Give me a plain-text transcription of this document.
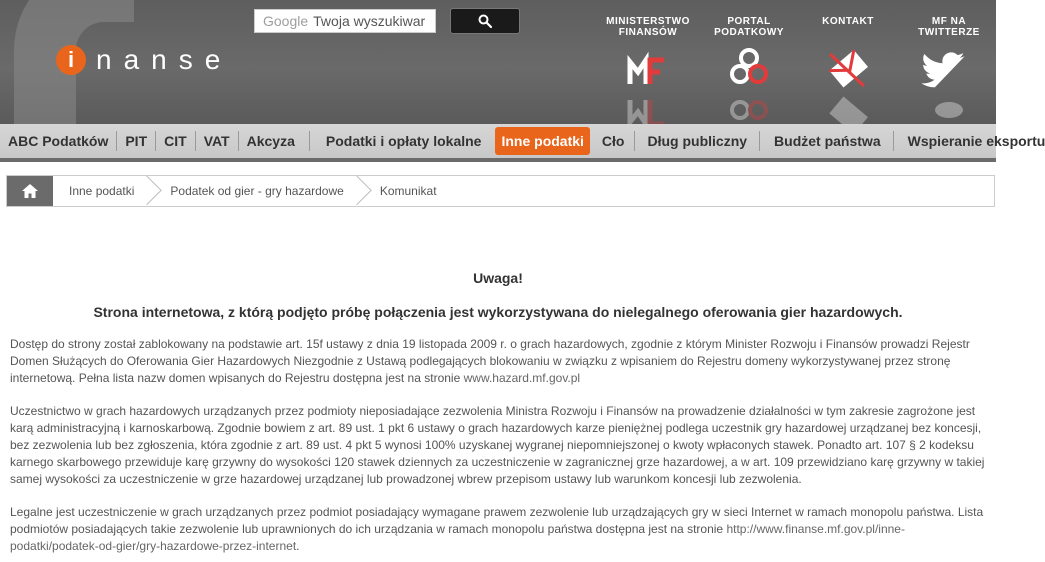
i nanse
Google
Twoja wyszukiwar	MINISTERSTWO
FINANSÓW
PORTAL
PODATKOWY
KONTAKT	MF NA
TWITTERZE
ABC Podatków	PIT	CIT	VAT	Akcyza	Podatki i opłaty lokalne	Inne podatki	Cło	Dług publiczny	Budżet państwa	Wspieranie eksportu
Inne podatki	Podatek od gier - gry hazardowe	Komunikat
Uwaga!
Strona internetowa, z którą podjęto próbę połączenia jest wykorzystywana do nielegalnego oferowania gier hazardowych.

Dostęp do strony został zablokowany na podstawie art. 15f ustawy z dnia 19 listopada 2009 r. o grach hazardowych, zgodnie z którym Minister Rozwoju i Finansów prowadzi Rejestr Domen Służących do Oferowania Gier Hazardowych Niezgodnie z Ustawą podlegających blokowaniu w związku z wpisaniem do Rejestru domeny wykorzystywanej przez stronę internetową. Pełna lista nazw domen wpisanych do Rejestru dostępna jest na stronie www.hazard.mf.gov.pl

Uczestnictwo w grach hazardowych urządzanych przez podmioty nieposiadające zezwolenia Ministra Rozwoju i Finansów na prowadzenie działalności w tym zakresie zagrożone jest karą administracyjną i karnoskarbową. Zgodnie bowiem z art. 89 ust. 1 pkt 6 ustawy o grach hazardowych karze pieniężnej podlega uczestnik gry hazardowej urządzanej bez koncesji, bez zezwolenia lub bez zgłoszenia, która zgodnie z art. 89 ust. 4 pkt 5 wynosi 100% uzyskanej wygranej niepomniejszonej o kwoty wpłaconych stawek. Ponadto art. 107 § 2 kodeksu karnego skarbowego przewiduje karę grzywny do wysokości 120 stawek dziennych za uczestniczenie w zagranicznej grze hazardowej, a w art. 109 przewidziano karę grzywny w takiej samej wysokości za uczestniczenie w grze hazardowej urządzanej lub prowadzonej wbrew przepisom ustawy lub warunkom koncesji lub zezwolenia.

Legalne jest uczestniczenie w grach urządzanych przez podmiot posiadający wymagane prawem zezwolenie lub urządzających gry w sieci Internet w ramach monopolu państwa. Lista podmiotów posiadających takie zezwolenie lub uprawnionych do ich urządzania w ramach monopolu państwa dostępna jest na stronie http://www.finanse.mf.gov.pl/inne-podatki/podatek-od-gier/gry-hazardowe-przez-internet.
